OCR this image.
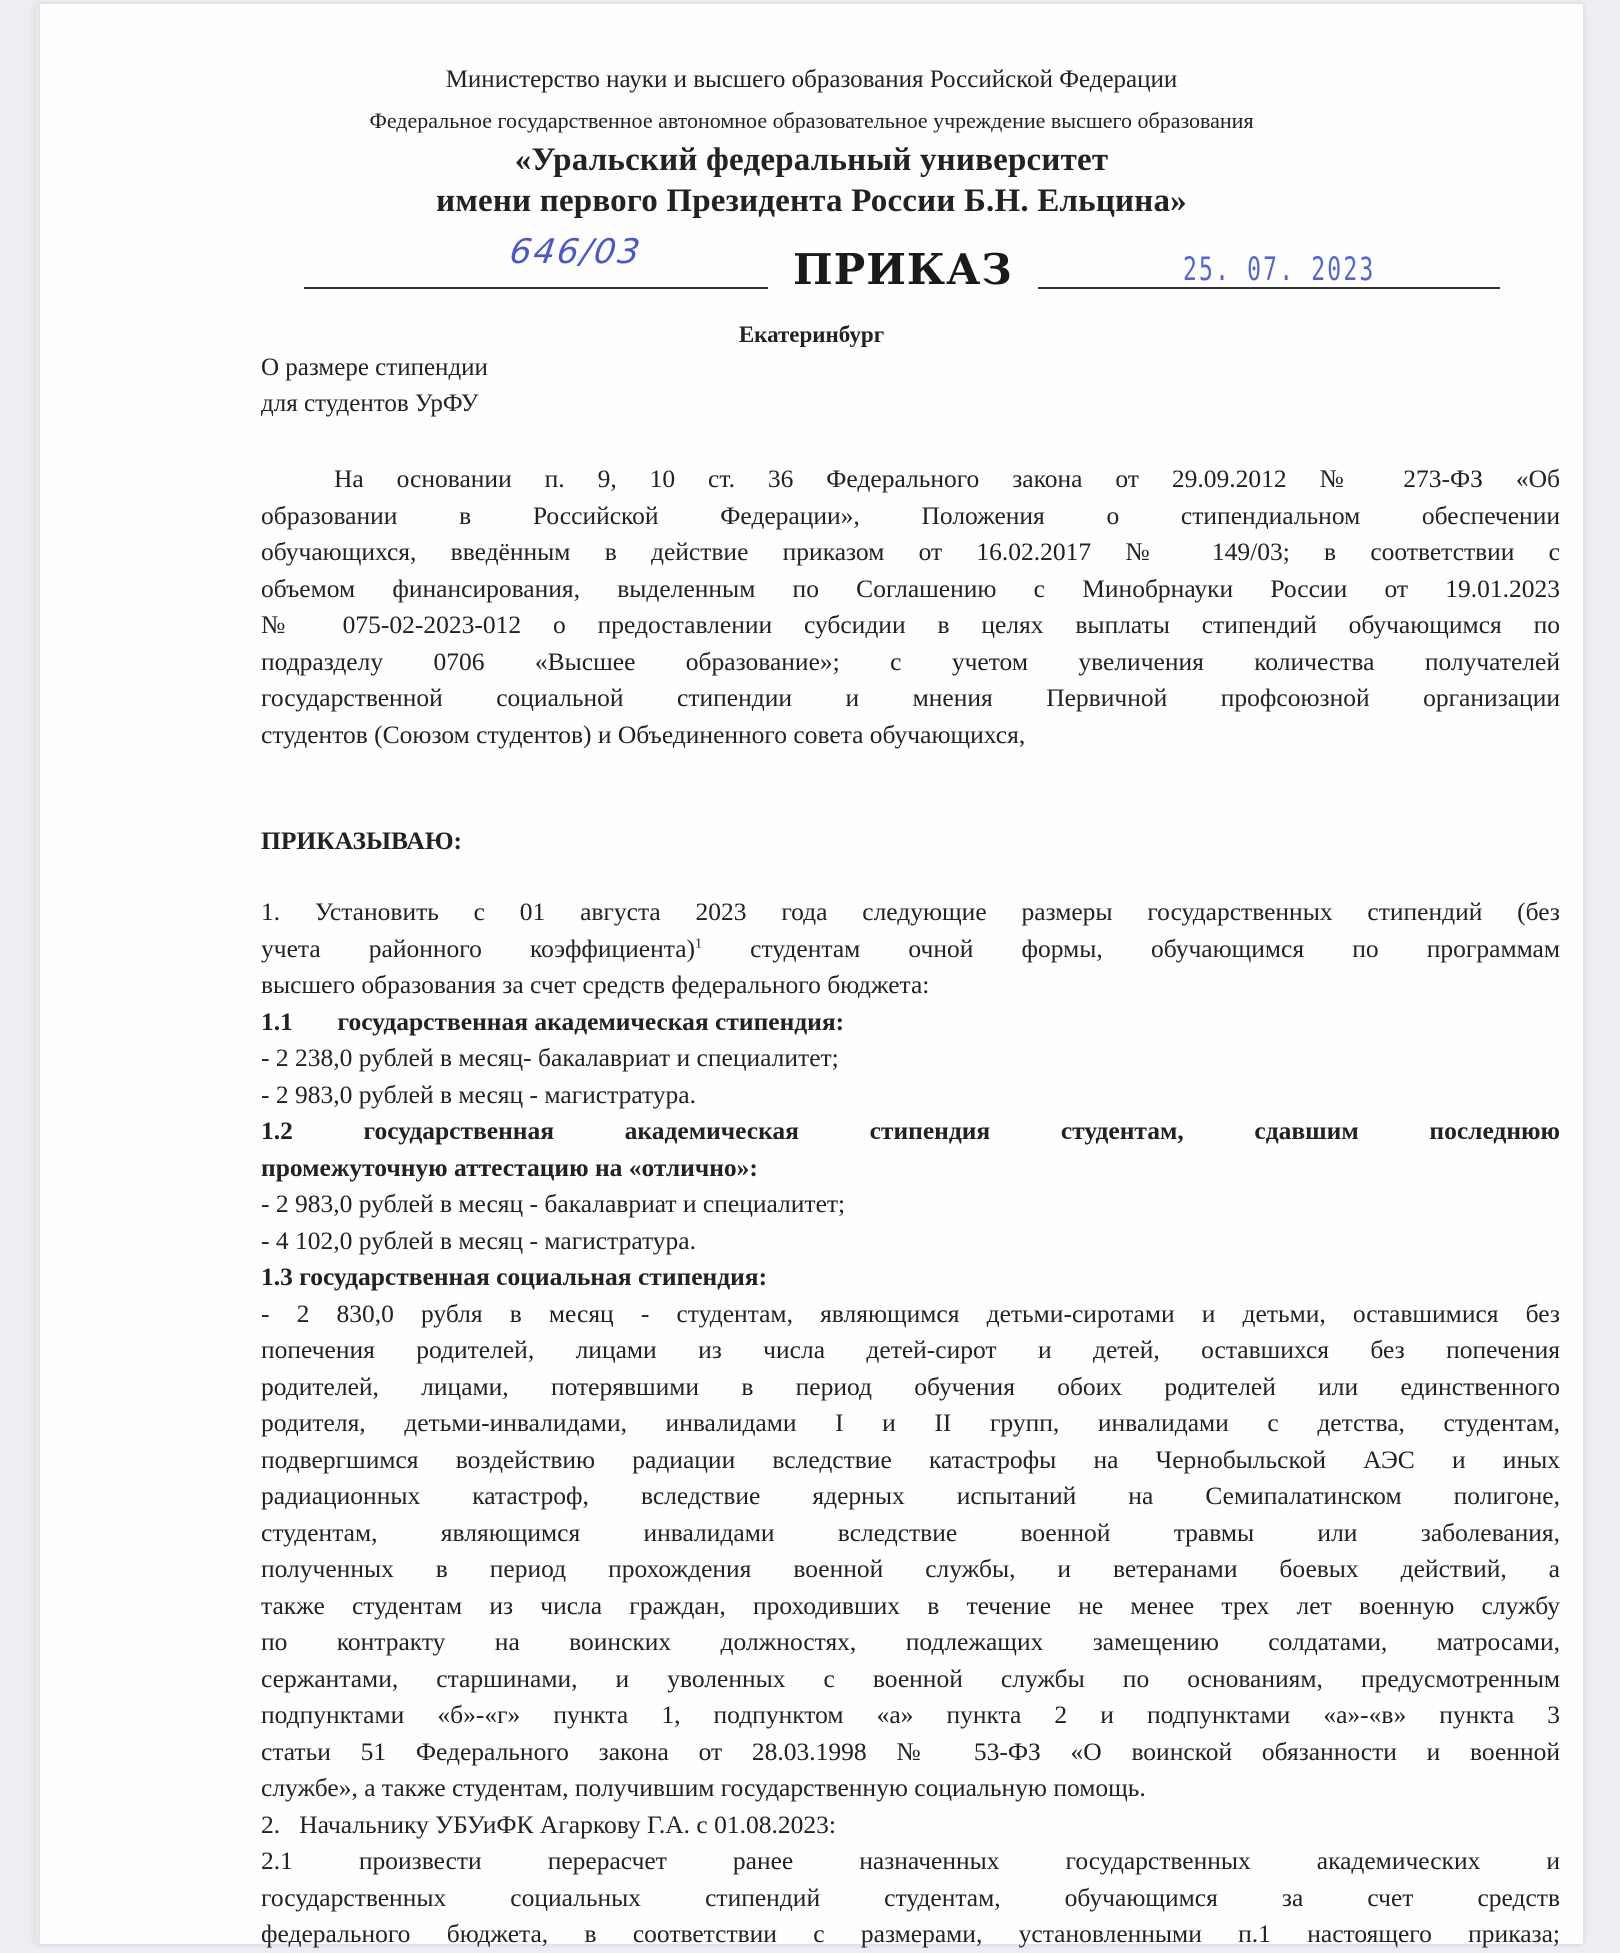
Министерство науки и высшего образования Российской Федерации
Федеральное государственное автономное образовательное учреждение высшего образования
«Уральский федеральный университет
имени первого Президента России Б.Н. Ельцина»
646/03	ПРИКАЗ	25. 07. 2023
Екатеринбург
О размере стипендии
для студентов УрФУ
На основании п. 9, 10 ст. 36 Федерального закона от 29.09.2012 № 273-ФЗ «Об
образовании в Российской Федерации», Положения о стипендиальном обеспечении
обучающихся, введённым в действие приказом от 16.02.2017 № 149/03; в соответствии с
объемом финансирования, выделенным по Соглашению с Минобрнауки России от 19.01.2023
№ 075-02-2023-012 о предоставлении субсидии в целях выплаты стипендий обучающимся по
подразделу 0706 «Высшее образование»; с учетом увеличения количества получателей
государственной социальной стипендии и мнения Первичной профсоюзной организации
студентов (Союзом студентов) и Объединенного совета обучающихся,
ПРИКАЗЫВАЮ:
1. Установить с 01 августа 2023 года следующие размеры государственных стипендий (без
учета районного коэффициента)$^1$ студентам очной формы, обучающимся по программам
высшего образования за счет средств федерального бюджета:
1.1       государственная академическая стипендия:
- 2 238,0 рублей в месяц- бакалавриат и специалитет;
- 2 983,0 рублей в месяц - магистратура.
1.2 государственная академическая стипендия студентам, сдавшим последнюю
промежуточную аттестацию на «отлично»:
- 2 983,0 рублей в месяц - бакалавриат и специалитет;
- 4 102,0 рублей в месяц - магистратура.
1.3 государственная социальная стипендия:
- 2 830,0 рубля в месяц - студентам, являющимся детьми-сиротами и детьми, оставшимися без
попечения родителей, лицами из числа детей-сирот и детей, оставшихся без попечения
родителей, лицами, потерявшими в период обучения обоих родителей или единственного
родителя, детьми-инвалидами, инвалидами I и II групп, инвалидами с детства, студентам,
подвергшимся воздействию радиации вследствие катастрофы на Чернобыльской АЭС и иных
радиационных катастроф, вследствие ядерных испытаний на Семипалатинском полигоне,
студентам, являющимся инвалидами вследствие военной травмы или заболевания,
полученных в период прохождения военной службы, и ветеранами боевых действий, а
также студентам из числа граждан, проходивших в течение не менее трех лет военную службу
по контракту на воинских должностях, подлежащих замещению солдатами, матросами,
сержантами, старшинами, и уволенных с военной службы по основаниям, предусмотренным
подпунктами «б»-«г» пункта 1, подпунктом «а» пункта 2 и подпунктами «а»-«в» пункта 3
статьи 51 Федерального закона от 28.03.1998 № 53-ФЗ «О воинской обязанности и военной
службе», а также студентам, получившим государственную социальную помощь.
2.   Начальнику УБУиФК Агаркову Г.А. с 01.08.2023:
2.1 произвести перерасчет ранее назначенных государственных академических и
государственных социальных стипендий студентам, обучающимся за счет средств
федерального бюджета, в соответствии с размерами, установленными п.1 настоящего приказа;
